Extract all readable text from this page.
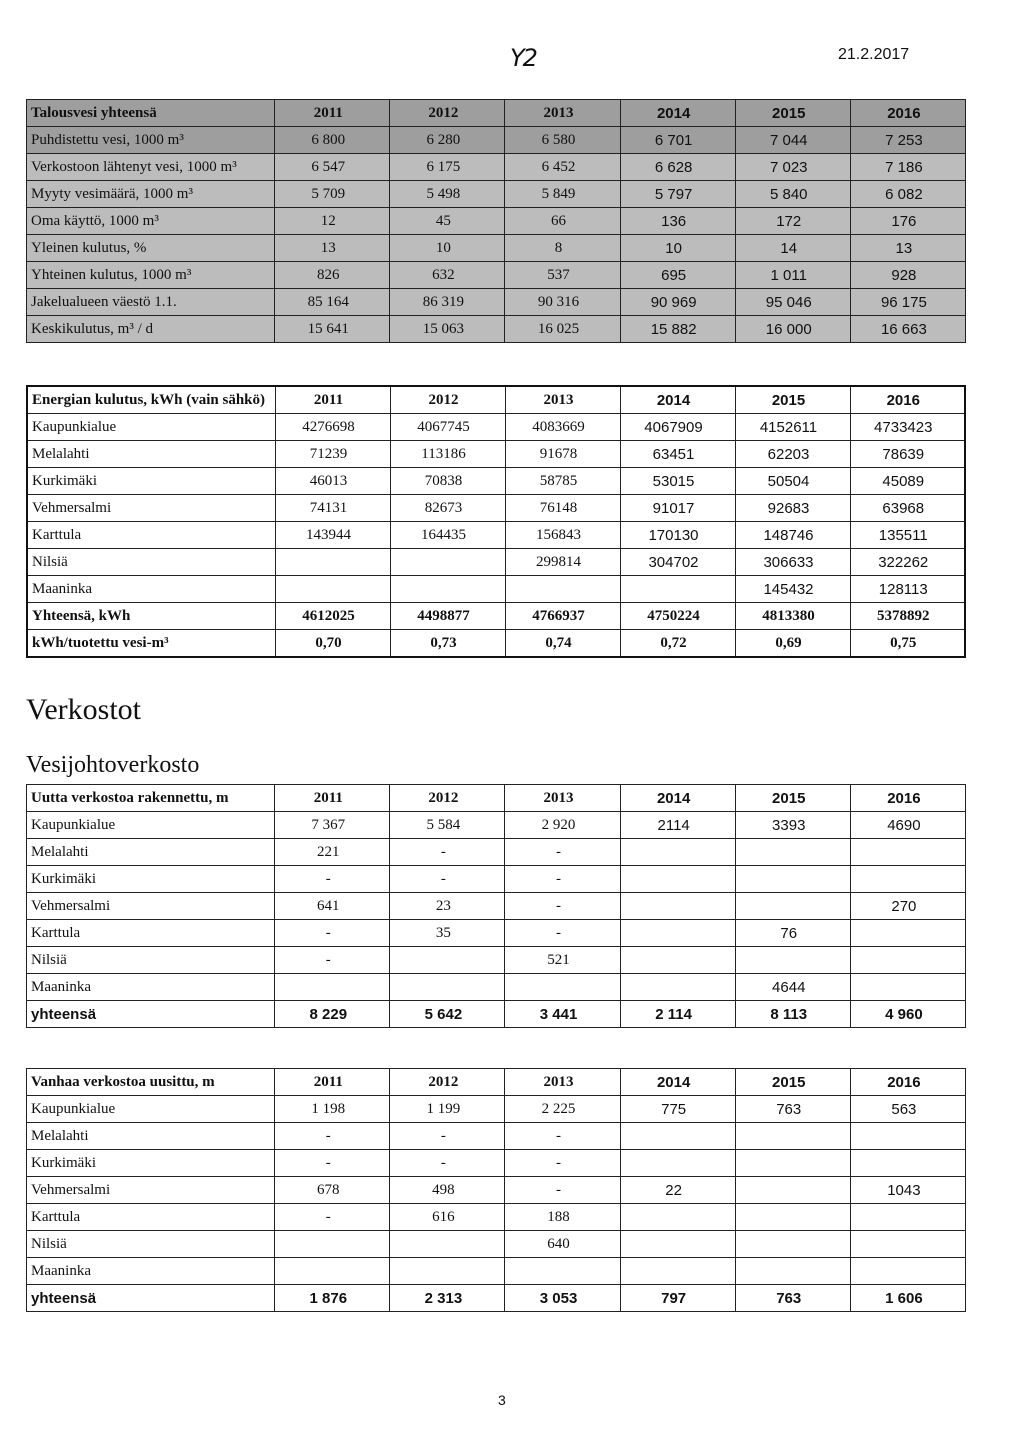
Y2	21.2.2017
Talousvesi yhteensä	2011	2012	2013	2014	2015	2016
Puhdistettu vesi, 1000 m³	6 800	6 280	6 580	6 701	7 044	7 253
Verkostoon lähtenyt vesi, 1000 m³	6 547	6 175	6 452	6 628	7 023	7 186
Myyty vesimäärä, 1000 m³	5 709	5 498	5 849	5 797	5 840	6 082
Oma käyttö, 1000 m³	12	45	66	136	172	176
Yleinen kulutus, %	13	10	8	10	14	13
Yhteinen kulutus, 1000 m³	826	632	537	695	1 011	928
Jakelualueen väestö 1.1.	85 164	86 319	90 316	90 969	95 046	96 175
Keskikulutus, m³ / d	15 641	15 063	16 025	15 882	16 000	16 663
Energian kulutus, kWh (vain sähkö)	2011	2012	2013	2014	2015	2016
Kaupunkialue	4276698	4067745	4083669	4067909	4152611	4733423
Melalahti	71239	113186	91678	63451	62203	78639
Kurkimäki	46013	70838	58785	53015	50504	45089
Vehmersalmi	74131	82673	76148	91017	92683	63968
Karttula	143944	164435	156843	170130	148746	135511
Nilsiä			299814	304702	306633	322262
Maaninka					145432	128113
Yhteensä, kWh	4612025	4498877	4766937	4750224	4813380	5378892
kWh/tuotettu vesi-m³	0,70	0,73	0,74	0,72	0,69	0,75
Verkostot
Vesijohtoverkosto
Uutta verkostoa rakennettu, m	2011	2012	2013	2014	2015	2016
Kaupunkialue	7 367	5 584	2 920	2114	3393	4690
Melalahti	221	-	-			
Kurkimäki	-	-	-			
Vehmersalmi	641	23	-			270
Karttula	-	35	-		76	
Nilsiä	-		521			
Maaninka					4644	
yhteensä	8 229	5 642	3 441	2 114	8 113	4 960
Vanhaa verkostoa uusittu, m	2011	2012	2013	2014	2015	2016
Kaupunkialue	1 198	1 199	2 225	775	763	563
Melalahti	-	-	-			
Kurkimäki	-	-	-			
Vehmersalmi	678	498	-	22		1043
Karttula	-	616	188			
Nilsiä			640			
Maaninka						
yhteensä	1 876	2 313	3 053	797	763	1 606
3
